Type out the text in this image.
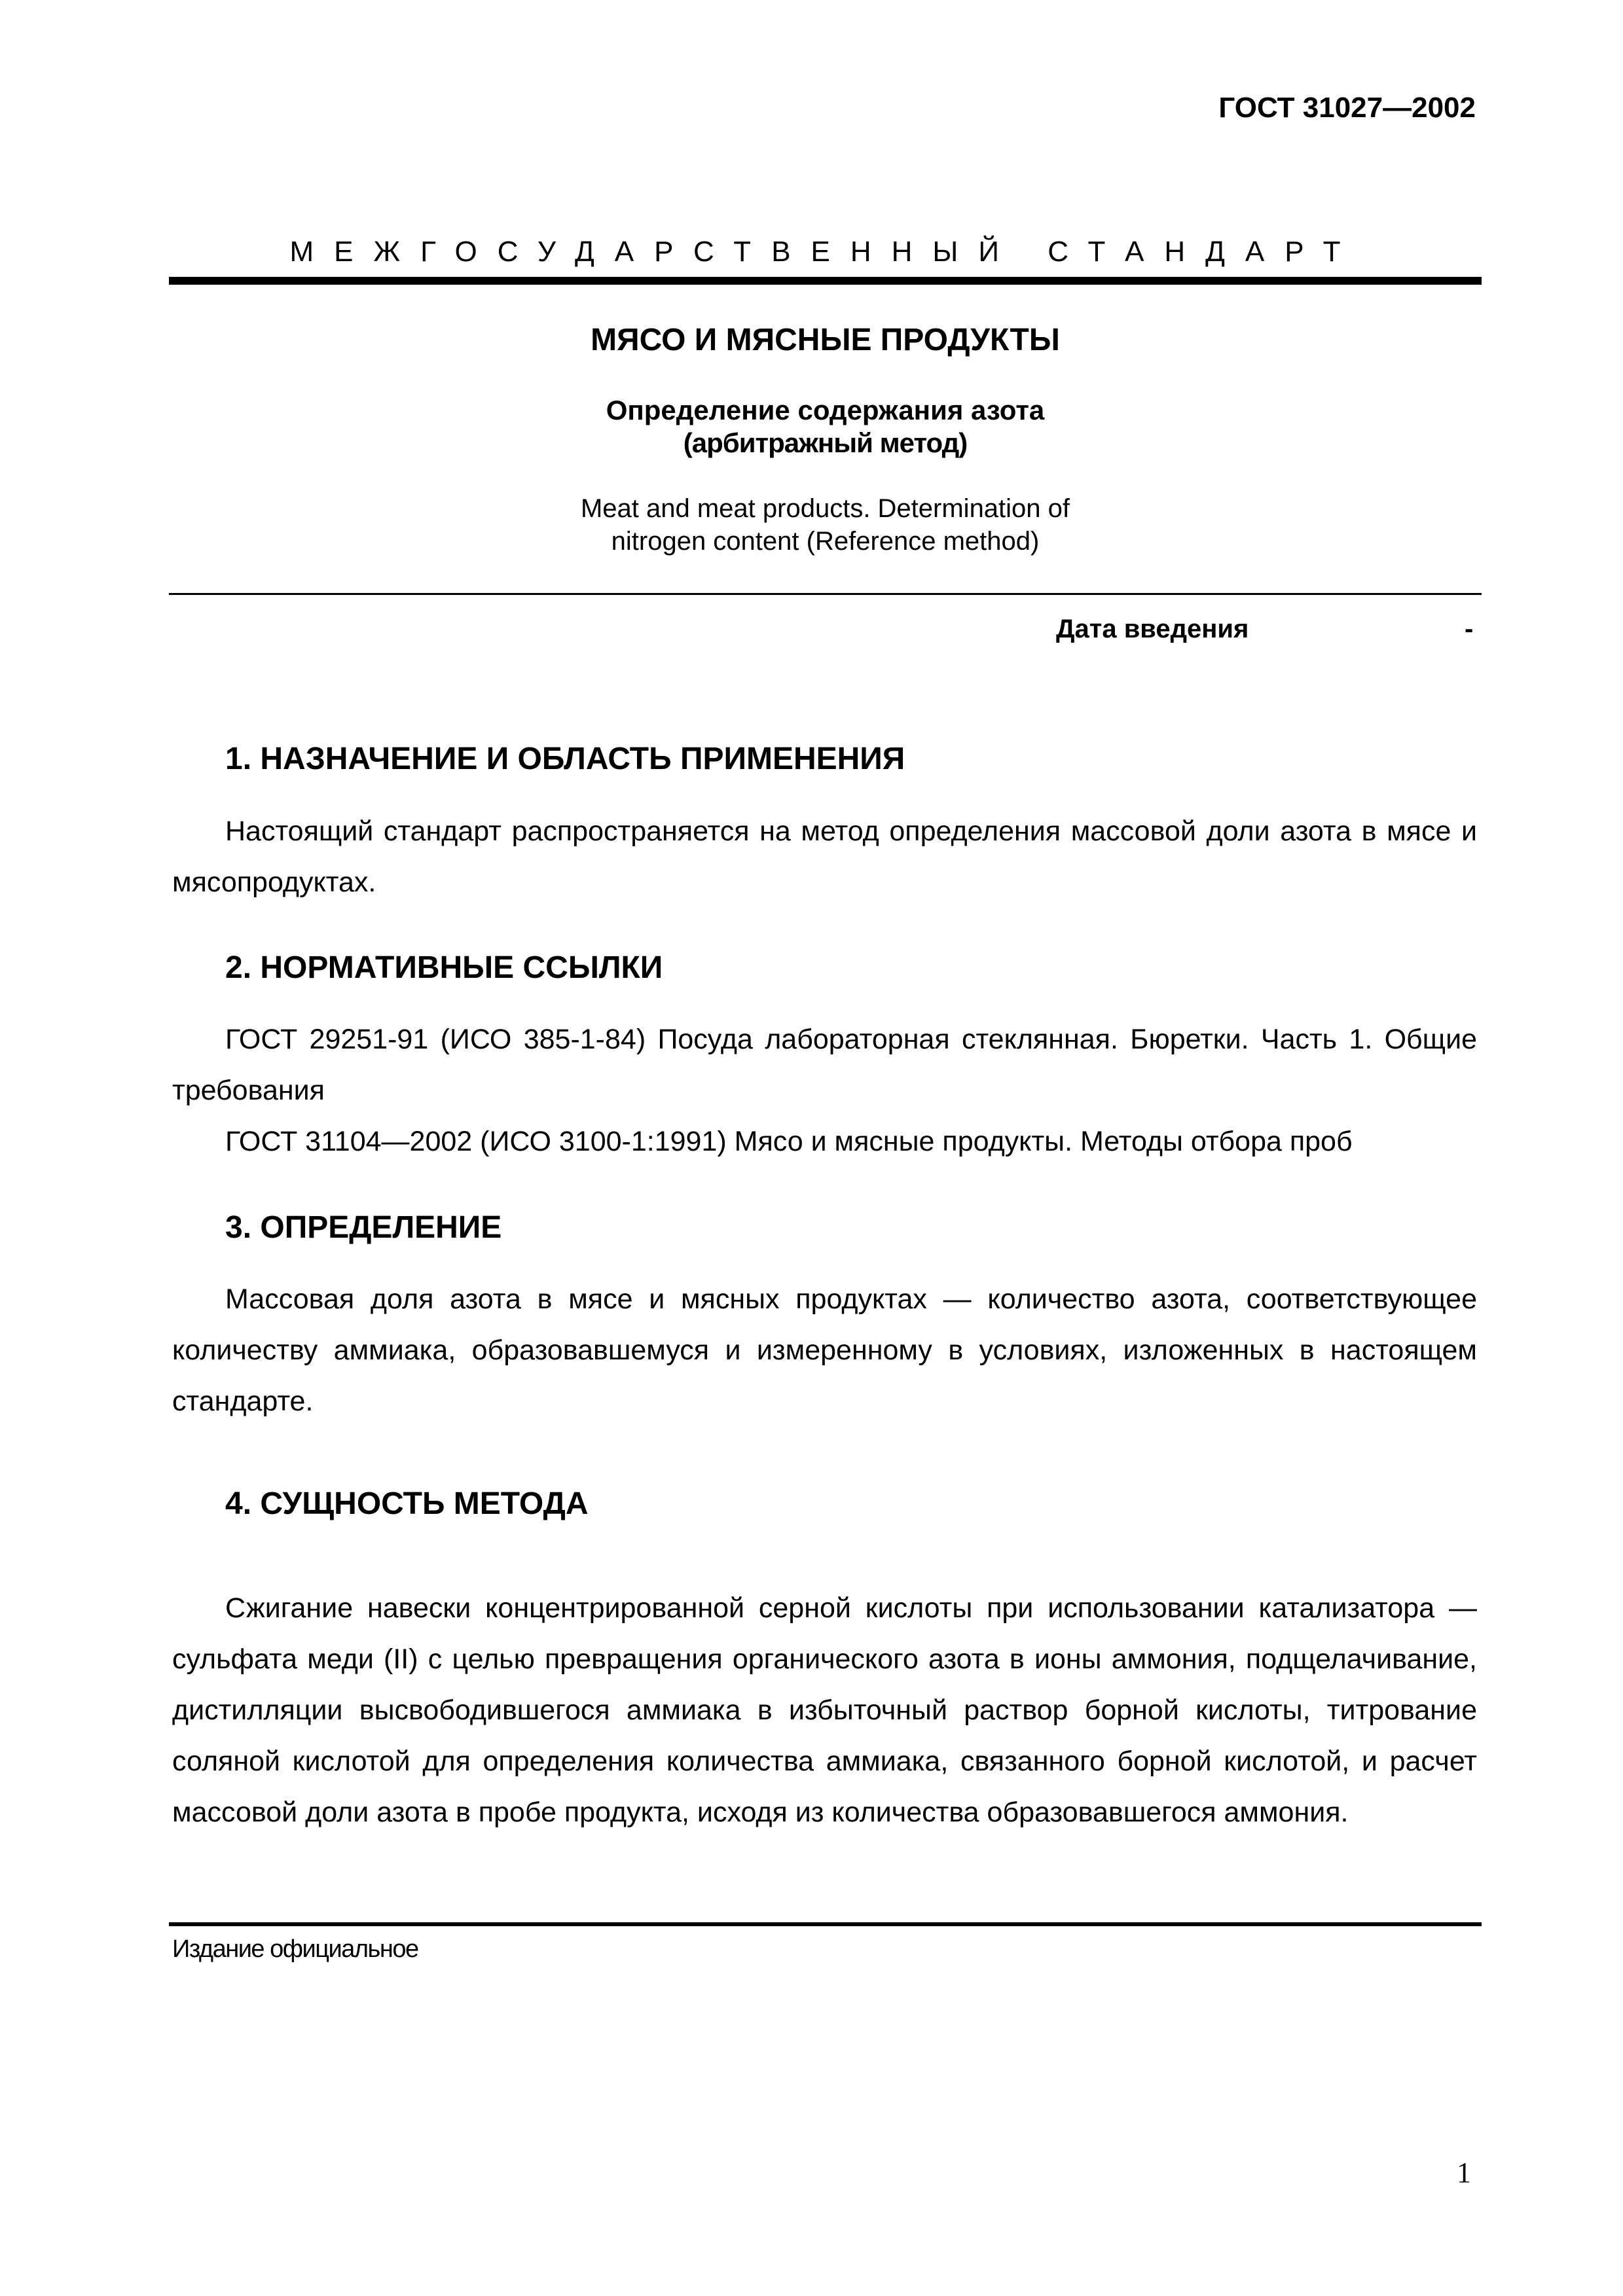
ГОСТ 31027—2002
МЕЖГОСУДАРСТВЕННЫЙ СТАНДАРТ
МЯСО И МЯСНЫЕ ПРОДУКТЫ
Определение содержания азота
(арбитражный метод)
Meat and meat products. Determination of
nitrogen content (Reference method)
Дата введения	-
1. НАЗНАЧЕНИЕ И ОБЛАСТЬ ПРИМЕНЕНИЯ
Настоящий стандарт распространяется на метод определения массовой доли азота в мясе и мясопродуктах.
2. НОРМАТИВНЫЕ ССЫЛКИ
ГОСТ 29251-91 (ИСО 385-1-84) Посуда лабораторная стеклянная. Бюретки. Часть 1. Общие требования
ГОСТ 31104—2002 (ИСО 3100-1:1991) Мясо и мясные продукты. Методы отбора проб
3. ОПРЕДЕЛЕНИЕ
Массовая доля азота в мясе и мясных продуктах — количество азота, соответствующее количеству аммиака, образовавшемуся и измеренному в условиях, изложенных в настоящем стандарте.
4. СУЩНОСТЬ МЕТОДА
Сжигание навески концентрированной серной кислоты при использовании катализатора — сульфата меди (II) с целью превращения органического азота в ионы аммония, подщелачивание, дистилляции высвободившегося аммиака в избыточный раствор борной кислоты, титрование соляной кислотой для определения количества аммиака, связанного борной кислотой, и расчет массовой доли азота в пробе продукта, исходя из количества образовавшегося аммония.
Издание официальное
1
